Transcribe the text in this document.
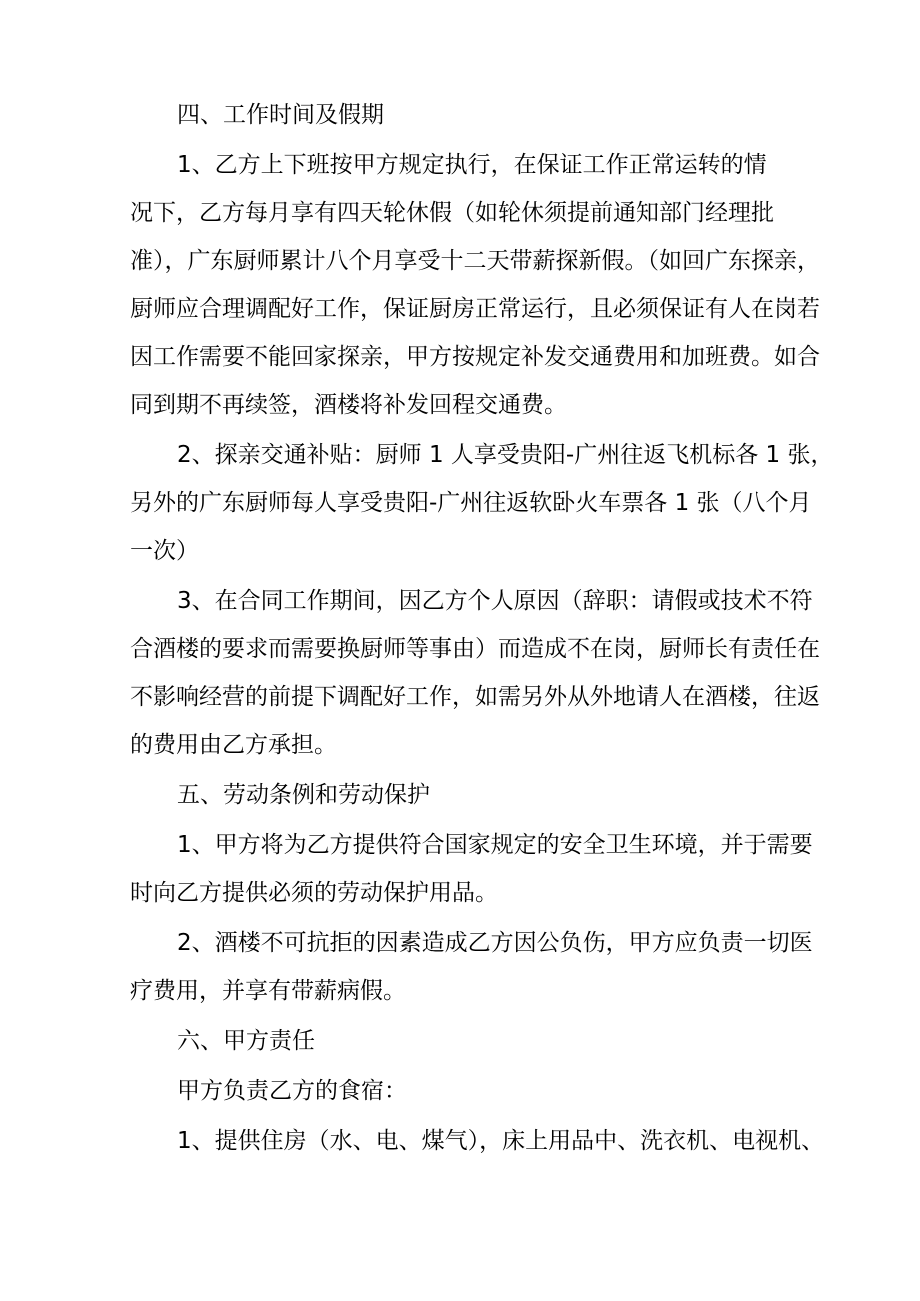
四、工作时间及假期
1、乙方上下班按甲方规定执行，在保证工作正常运转的情
况下，乙方每月享有四天轮休假（如轮休须提前通知部门经理批
准），广东厨师累计八个月享受十二天带薪探新假。（如回广东探亲，
厨师应合理调配好工作，保证厨房正常运行，且必须保证有人在岗若
因工作需要不能回家探亲，甲方按规定补发交通费用和加班费。如合
同到期不再续签，酒楼将补发回程交通费。
2、探亲交通补贴：厨师 1 人享受贵阳-广州往返飞机标各 1 张，
另外的广东厨师每人享受贵阳-广州往返软卧火车票各 1 张（八个月
一次）
3、在合同工作期间，因乙方个人原因（辞职：请假或技术不符
合酒楼的要求而需要换厨师等事由）而造成不在岗，厨师长有责任在
不影响经营的前提下调配好工作，如需另外从外地请人在酒楼，往返
的费用由乙方承担。
五、劳动条例和劳动保护
1、甲方将为乙方提供符合国家规定的安全卫生环境，并于需要
时向乙方提供必须的劳动保护用品。
2、酒楼不可抗拒的因素造成乙方因公负伤，甲方应负责一切医
疗费用，并享有带薪病假。
六、甲方责任
甲方负责乙方的食宿：
1、提供住房（水、电、煤气），床上用品中、洗衣机、电视机、
